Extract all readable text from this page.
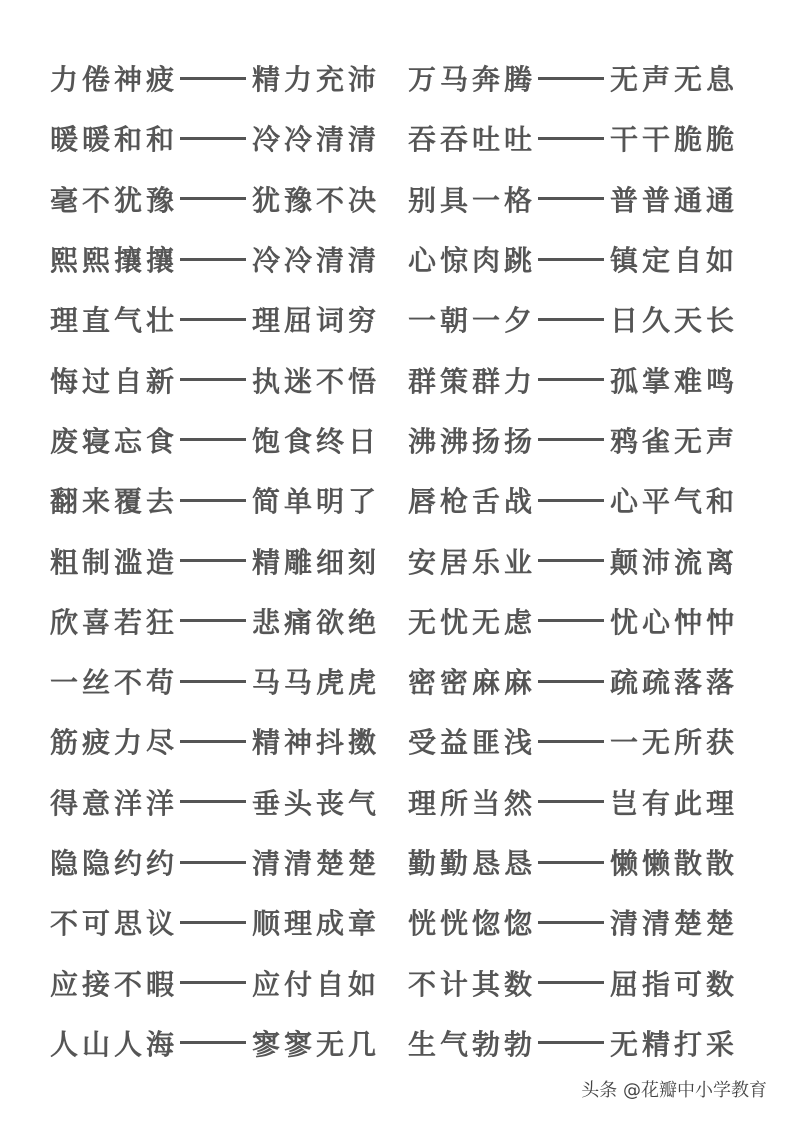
力倦神疲	精力充沛 万马奔腾	无声无息
暖暖和和	冷冷清清 吞吞吐吐	干干脆脆
毫不犹豫	犹豫不决 别具一格	普普通通
熙熙攘攘	冷冷清清 心惊肉跳	镇定自如
理直气壮	理屈词穷 一朝一夕	日久天长
悔过自新	执迷不悟 群策群力	孤掌难鸣
废寝忘食	饱食终日 沸沸扬扬	鸦雀无声
翻来覆去	简单明了 唇枪舌战	心平气和
粗制滥造	精雕细刻 安居乐业	颠沛流离
欣喜若狂	悲痛欲绝 无忧无虑	忧心忡忡
一丝不苟	马马虎虎 密密麻麻	疏疏落落
筋疲力尽	精神抖擞 受益匪浅	一无所获
得意洋洋	垂头丧气 理所当然	岂有此理
隐隐约约	清清楚楚 勤勤恳恳	懒懒散散
不可思议	顺理成章 恍恍惚惚	清清楚楚
应接不暇	应付自如 不计其数	屈指可数
人山人海	寥寥无几 生气勃勃	无精打采
头条 @花瓣中小学教育
